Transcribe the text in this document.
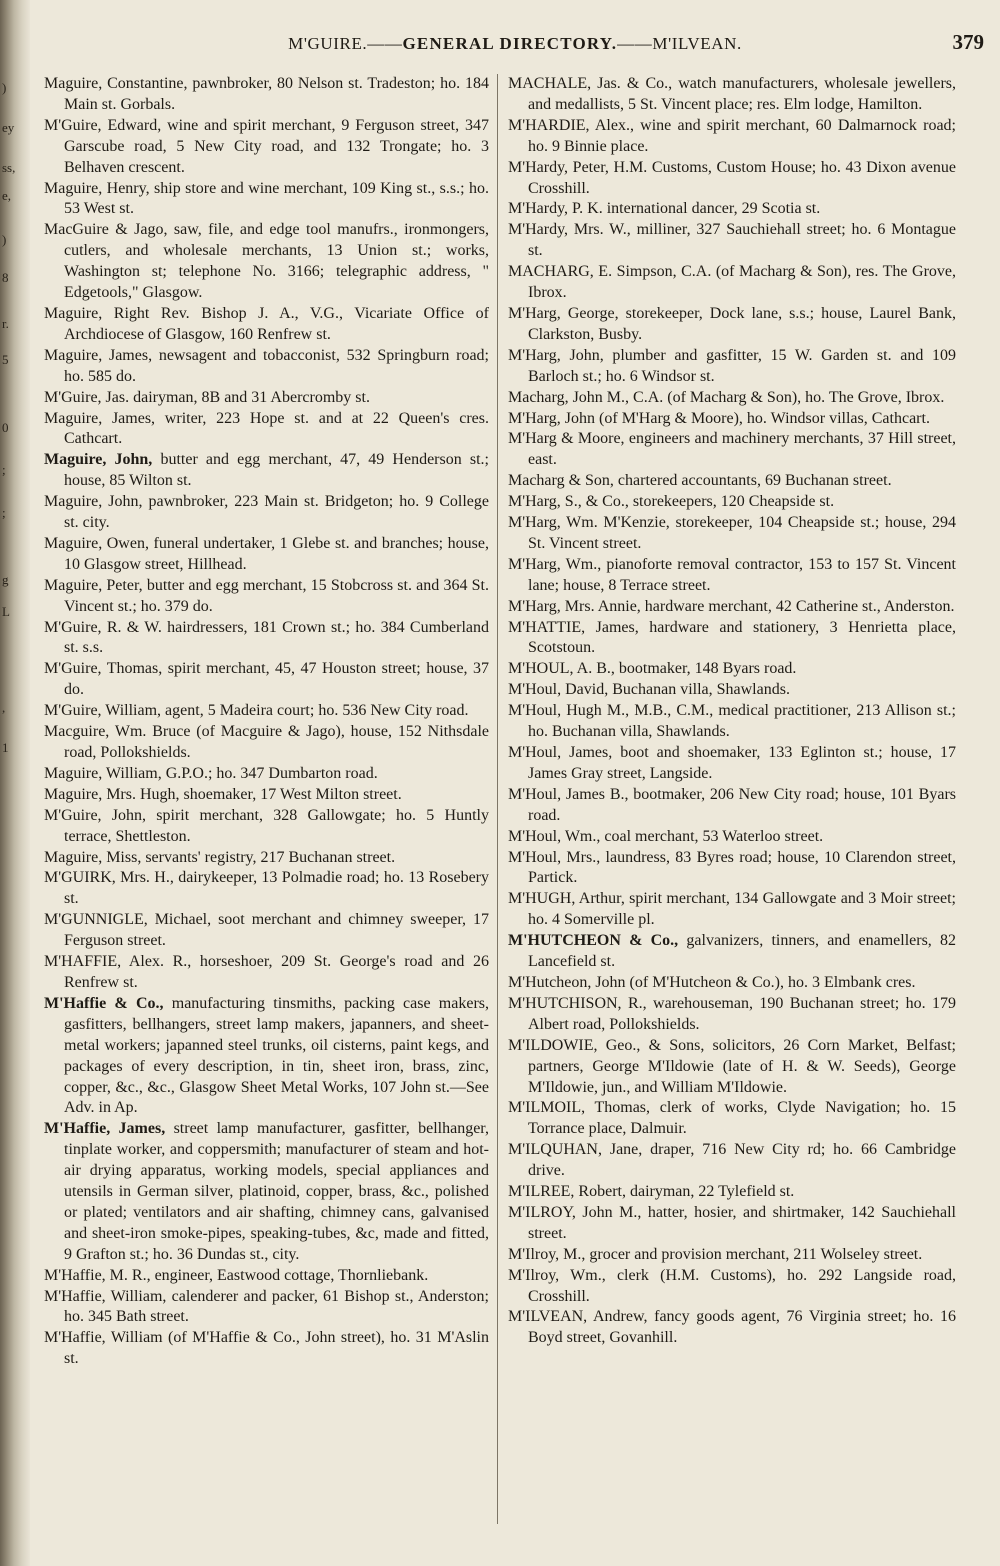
)
ey
ss,
e,
)
8
r.
5
0
;
;
g
L
,
1
M'GUIRE.——GENERAL DIRECTORY.——M'ILVEAN.	379

Maguire, Constantine, pawnbroker, 80 Nelson st. Tradeston; ho. 184 Main st. Gorbals.

M'Guire, Edward, wine and spirit merchant, 9 Ferguson street, 347 Garscube road, 5 New City road, and 132 Trongate; ho. 3 Belhaven crescent.

Maguire, Henry, ship store and wine merchant, 109 King st., s.s.; ho. 53 West st.

MacGuire & Jago, saw, file, and edge tool manufrs., ironmongers, cutlers, and wholesale merchants, 13 Union st.; works, Washington st; telephone No. 3166; telegraphic address, " Edgetools," Glasgow.

Maguire, Right Rev. Bishop J. A., V.G., Vicariate Office of Archdiocese of Glasgow, 160 Renfrew st.

Maguire, James, newsagent and tobacconist, 532 Springburn road; ho. 585 do.

M'Guire, Jas. dairyman, 8B and 31 Abercromby st.

Maguire, James, writer, 223 Hope st. and at 22 Queen's cres. Cathcart.

Maguire, John, butter and egg merchant, 47, 49 Henderson st.; house, 85 Wilton st.

Maguire, John, pawnbroker, 223 Main st. Bridgeton; ho. 9 College st. city.

Maguire, Owen, funeral undertaker, 1 Glebe st. and branches; house, 10 Glasgow street, Hillhead.

Maguire, Peter, butter and egg merchant, 15 Stobcross st. and 364 St. Vincent st.; ho. 379 do.

M'Guire, R. & W. hairdressers, 181 Crown st.; ho. 384 Cumberland st. s.s.

M'Guire, Thomas, spirit merchant, 45, 47 Houston street; house, 37 do.

M'Guire, William, agent, 5 Madeira court; ho. 536 New City road.

Macguire, Wm. Bruce (of Macguire & Jago), house, 152 Nithsdale road, Pollokshields.

Maguire, William, G.P.O.; ho. 347 Dumbarton road.

Maguire, Mrs. Hugh, shoemaker, 17 West Milton street.

M'Guire, John, spirit merchant, 328 Gallowgate; ho. 5 Huntly terrace, Shettleston.

Maguire, Miss, servants' registry, 217 Buchanan street.

M'GUIRK, Mrs. H., dairykeeper, 13 Polmadie road; ho. 13 Rosebery st.

M'GUNNIGLE, Michael, soot merchant and chimney sweeper, 17 Ferguson street.

M'HAFFIE, Alex. R., horseshoer, 209 St. George's road and 26 Renfrew st.

M'Haffie & Co., manufacturing tinsmiths, packing case makers, gasfitters, bellhangers, street lamp makers, japanners, and sheet-metal workers; japanned steel trunks, oil cisterns, paint kegs, and packages of every description, in tin, sheet iron, brass, zinc, copper, &c., &c., Glasgow Sheet Metal Works, 107 John st.—See Adv. in Ap.

M'Haffie, James, street lamp manufacturer, gasfitter, bellhanger, tinplate worker, and coppersmith; manufacturer of steam and hot-air drying apparatus, working models, special appliances and utensils in German silver, platinoid, copper, brass, &c., polished or plated; ventilators and air shafting, chimney cans, galvanised and sheet-iron smoke-pipes, speaking-tubes, &c, made and fitted, 9 Grafton st.; ho. 36 Dundas st., city.

M'Haffie, M. R., engineer, Eastwood cottage, Thornliebank.

M'Haffie, William, calenderer and packer, 61 Bishop st., Anderston; ho. 345 Bath street.

M'Haffie, William (of M'Haffie & Co., John street), ho. 31 M'Aslin st.

MACHALE, Jas. & Co., watch manufacturers, wholesale jewellers, and medallists, 5 St. Vincent place; res. Elm lodge, Hamilton.

M'HARDIE, Alex., wine and spirit merchant, 60 Dalmarnock road; ho. 9 Binnie place.

M'Hardy, Peter, H.M. Customs, Custom House; ho. 43 Dixon avenue Crosshill.

M'Hardy, P. K. international dancer, 29 Scotia st.

M'Hardy, Mrs. W., milliner, 327 Sauchiehall street; ho. 6 Montague st.

MACHARG, E. Simpson, C.A. (of Macharg & Son), res. The Grove, Ibrox.

M'Harg, George, storekeeper, Dock lane, s.s.; house, Laurel Bank, Clarkston, Busby.

M'Harg, John, plumber and gasfitter, 15 W. Garden st. and 109 Barloch st.; ho. 6 Windsor st.

Macharg, John M., C.A. (of Macharg & Son), ho. The Grove, Ibrox.

M'Harg, John (of M'Harg & Moore), ho. Windsor villas, Cathcart.

M'Harg & Moore, engineers and machinery merchants, 37 Hill street, east.

Macharg & Son, chartered accountants, 69 Buchanan street.

M'Harg, S., & Co., storekeepers, 120 Cheapside st.

M'Harg, Wm. M'Kenzie, storekeeper, 104 Cheapside st.; house, 294 St. Vincent street.

M'Harg, Wm., pianoforte removal contractor, 153 to 157 St. Vincent lane; house, 8 Terrace street.

M'Harg, Mrs. Annie, hardware merchant, 42 Catherine st., Anderston.

M'HATTIE, James, hardware and stationery, 3 Henrietta place, Scotstoun.

M'HOUL, A. B., bootmaker, 148 Byars road.

M'Houl, David, Buchanan villa, Shawlands.

M'Houl, Hugh M., M.B., C.M., medical practitioner, 213 Allison st.; ho. Buchanan villa, Shawlands.

M'Houl, James, boot and shoemaker, 133 Eglinton st.; house, 17 James Gray street, Langside.

M'Houl, James B., bootmaker, 206 New City road; house, 101 Byars road.

M'Houl, Wm., coal merchant, 53 Waterloo street.

M'Houl, Mrs., laundress, 83 Byres road; house, 10 Clarendon street, Partick.

M'HUGH, Arthur, spirit merchant, 134 Gallowgate and 3 Moir street; ho. 4 Somerville pl.

M'HUTCHEON & Co., galvanizers, tinners, and enamellers, 82 Lancefield st.

M'Hutcheon, John (of M'Hutcheon & Co.), ho. 3 Elmbank cres.

M'HUTCHISON, R., warehouseman, 190 Buchanan street; ho. 179 Albert road, Pollokshields.

M'ILDOWIE, Geo., & Sons, solicitors, 26 Corn Market, Belfast; partners, George M'Ildowie (late of H. & W. Seeds), George M'Ildowie, jun., and William M'Ildowie.

M'ILMOIL, Thomas, clerk of works, Clyde Navigation; ho. 15 Torrance place, Dalmuir.

M'ILQUHAN, Jane, draper, 716 New City rd; ho. 66 Cambridge drive.

M'ILREE, Robert, dairyman, 22 Tylefield st.

M'ILROY, John M., hatter, hosier, and shirtmaker, 142 Sauchiehall street.

M'Ilroy, M., grocer and provision merchant, 211 Wolseley street.

M'Ilroy, Wm., clerk (H.M. Customs), ho. 292 Langside road, Crosshill.

M'ILVEAN, Andrew, fancy goods agent, 76 Virginia street; ho. 16 Boyd street, Govanhill.
